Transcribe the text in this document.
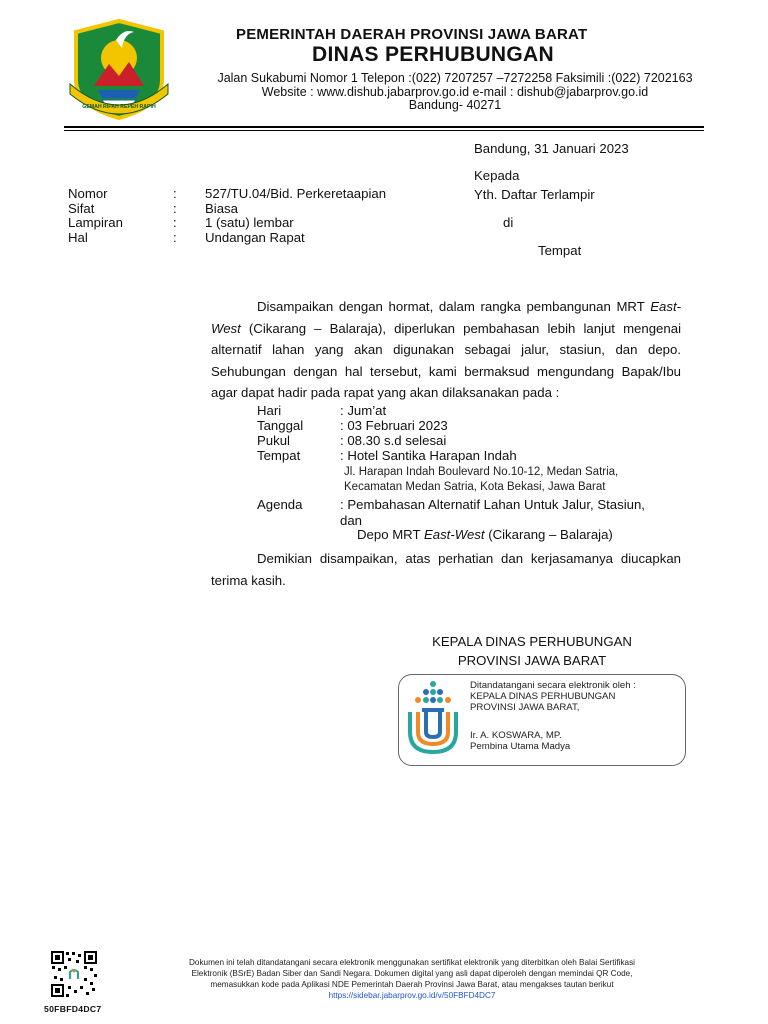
GEMAH RIPAH REPEH RAPIH
PEMERINTAH DAERAH PROVINSI JAWA BARAT
DINAS PERHUBUNGAN
Jalan Sukabumi Nomor 1 Telepon :(022) 7207257 –7272258 Faksimili :(022) 7202163
Website : www.dishub.jabarprov.go.id e-mail : dishub@jabarprov.go.id
Bandung- 40271
Bandung, 31 Januari 2023
Kepada
Yth. Daftar Terlampir
di
Tempat
Nomor	:	527/TU.04/Bid. Perkeretaapian
Sifat	:	Biasa
Lampiran	:	1 (satu) lembar
Hal	:	Undangan Rapat
Disampaikan dengan hormat, dalam rangka pembangunan MRT East-West (Cikarang – Balaraja), diperlukan pembahasan lebih lanjut mengenai alternatif lahan yang akan digunakan sebagai jalur, stasiun, dan depo. Sehubungan dengan hal tersebut, kami bermaksud mengundang Bapak/Ibu agar dapat hadir pada rapat yang akan dilaksanakan pada :
Hari	: Jum’at
Tanggal	: 03 Februari 2023
Pukul	: 08.30 s.d selesai
Tempat	: Hotel Santika Harapan Indah
Jl. Harapan Indah Boulevard No.10-12, Medan Satria,
Kecamatan Medan Satria, Kota Bekasi, Jawa Barat
Agenda	: Pembahasan Alternatif Lahan Untuk Jalur, Stasiun,
dan
Depo MRT East-West (Cikarang – Balaraja)
Demikian disampaikan, atas perhatian dan kerjasamanya diucapkan terima kasih.
KEPALA DINAS PERHUBUNGAN
PROVINSI JAWA BARAT
Ditandatangani secara elektronik oleh :
KEPALA DINAS PERHUBUNGAN
PROVINSI JAWA BARAT,
Ir. A. KOSWARA, MP.
Pembina Utama Madya
50FBFD4DC7
Dokumen ini telah ditandatangani secara elektronik menggunakan sertifikat elektronik yang diterbitkan oleh Balai Sertifikasi
Elektronik (BSrE) Badan Siber dan Sandi Negara. Dokumen digital yang asli dapat diperoleh dengan memindai QR Code,
memasukkan kode pada Aplikasi NDE Pemerintah Daerah Provinsi Jawa Barat, atau mengakses tautan berikut
https://sidebar.jabarprov.go.id/v/50FBFD4DC7
